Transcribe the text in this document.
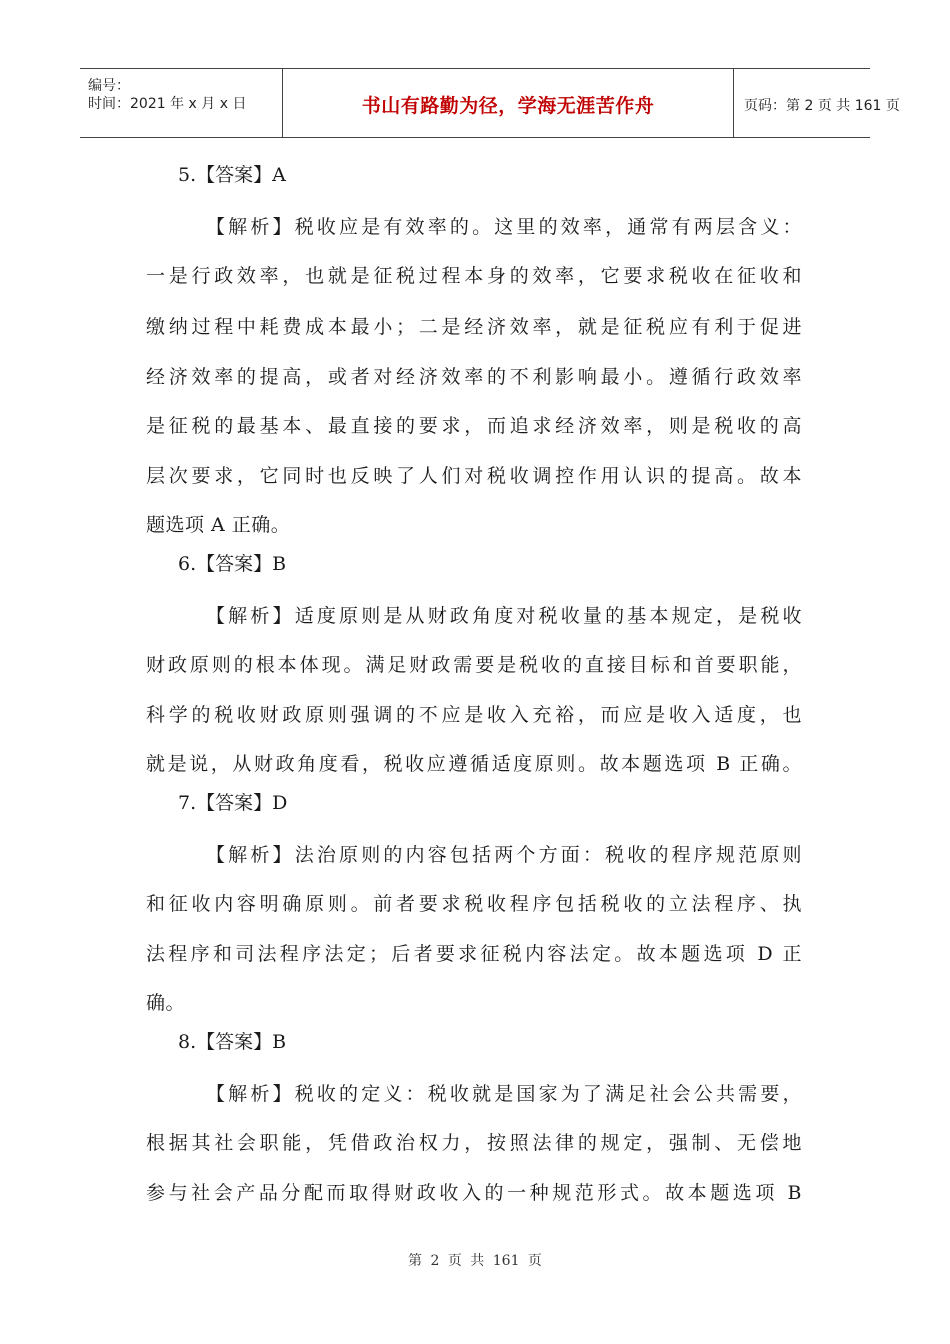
编号：
时间：2021 年 x 月 x 日	书山有路勤为径，学海无涯苦作舟	页码：第 2 页 共 161 页
5.【答案】A
【解析】税收应是有效率的。这里的效率，通常有两层含义：
一是行政效率，也就是征税过程本身的效率，它要求税收在征收和
缴纳过程中耗费成本最小；二是经济效率，就是征税应有利于促进
经济效率的提高，或者对经济效率的不利影响最小。遵循行政效率
是征税的最基本、最直接的要求，而追求经济效率，则是税收的高
层次要求，它同时也反映了人们对税收调控作用认识的提高。故本
题选项 A 正确。
6.【答案】B
【解析】适度原则是从财政角度对税收量的基本规定，是税收
财政原则的根本体现。满足财政需要是税收的直接目标和首要职能，
科学的税收财政原则强调的不应是收入充裕，而应是收入适度，也
就是说，从财政角度看，税收应遵循适度原则。故本题选项 B 正确。
7.【答案】D
【解析】法治原则的内容包括两个方面：税收的程序规范原则
和征收内容明确原则。前者要求税收程序包括税收的立法程序、执
法程序和司法程序法定；后者要求征税内容法定。故本题选项 D 正
确。
8.【答案】B
【解析】税收的定义：税收就是国家为了满足社会公共需要，
根据其社会职能，凭借政治权力，按照法律的规定，强制、无偿地
参与社会产品分配而取得财政收入的一种规范形式。故本题选项 B
第 2 页 共 161 页
